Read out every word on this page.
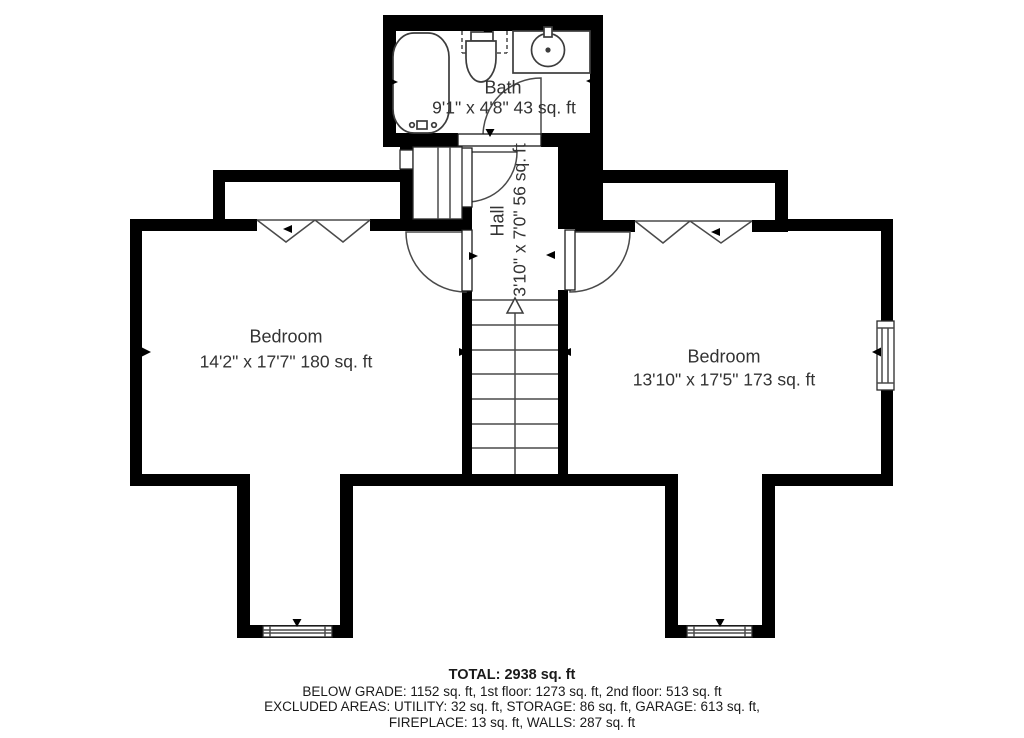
Bath
9'1" x 4'8" 43 sq. ft
Hall 3'10" x 7'0" 56 sq. ft
Bedroom
14'2" x 17'7" 180 sq. ft	Bedroom
13'10" x 17'5" 173 sq. ft
TOTAL: 2938 sq. ft
BELOW GRADE: 1152 sq. ft, 1st floor: 1273 sq. ft, 2nd floor: 513 sq. ft
EXCLUDED AREAS: UTILITY: 32 sq. ft, STORAGE: 86 sq. ft, GARAGE: 613 sq. ft,
FIREPLACE: 13 sq. ft, WALLS: 287 sq. ft
